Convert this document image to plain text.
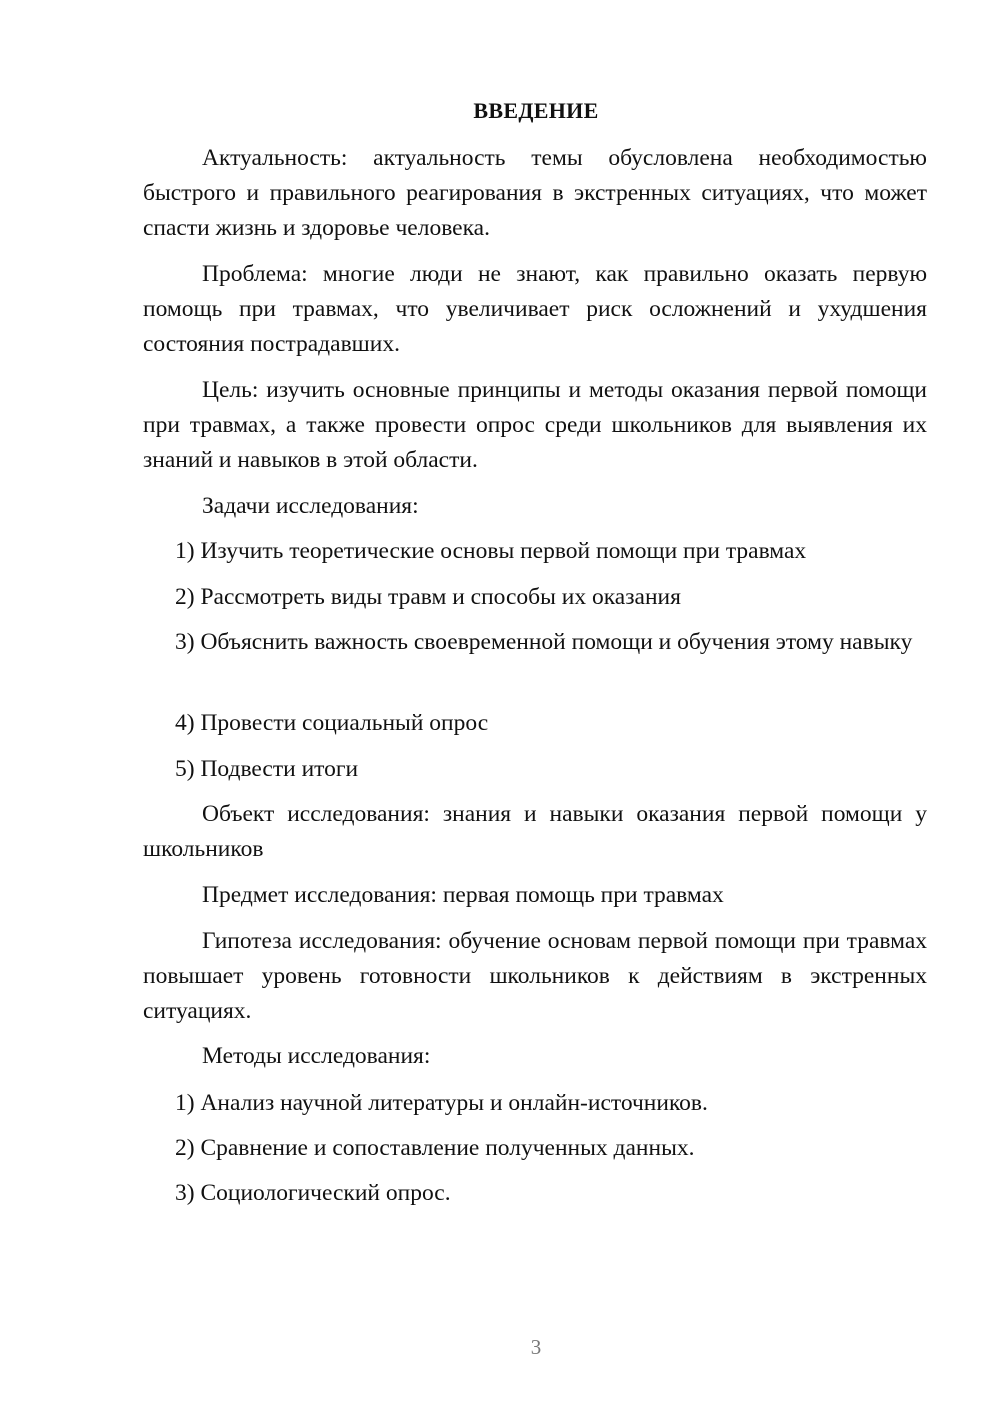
ВВЕДЕНИЕ

Актуальность: актуальность темы обусловлена необходимостью быстрого и правильного реагирования в экстренных ситуациях, что может спасти жизнь и здоровье человека.

Проблема: многие люди не знают, как правильно оказать первую помощь при травмах, что увеличивает риск осложнений и ухудшения состояния пострадавших.

Цель: изучить основные принципы и методы оказания первой помощи при травмах, а также провести опрос среди школьников для выявления их знаний и навыков в этой области.

Задачи исследования:

1) Изучить теоретические основы первой помощи при травмах

2) Рассмотреть виды травм и способы их оказания

3) Объяснить важность своевременной помощи и обучения этому навыку

4) Провести социальный опрос

5) Подвести итоги

Объект исследования: знания и навыки оказания первой помощи у школьников

Предмет исследования: первая помощь при травмах

Гипотеза исследования: обучение основам первой помощи при травмах повышает уровень готовности школьников к действиям в экстренных ситуациях.

Методы исследования:

1) Анализ научной литературы и онлайн-источников.

2) Сравнение и сопоставление полученных данных.

3) Социологический опрос.

3
